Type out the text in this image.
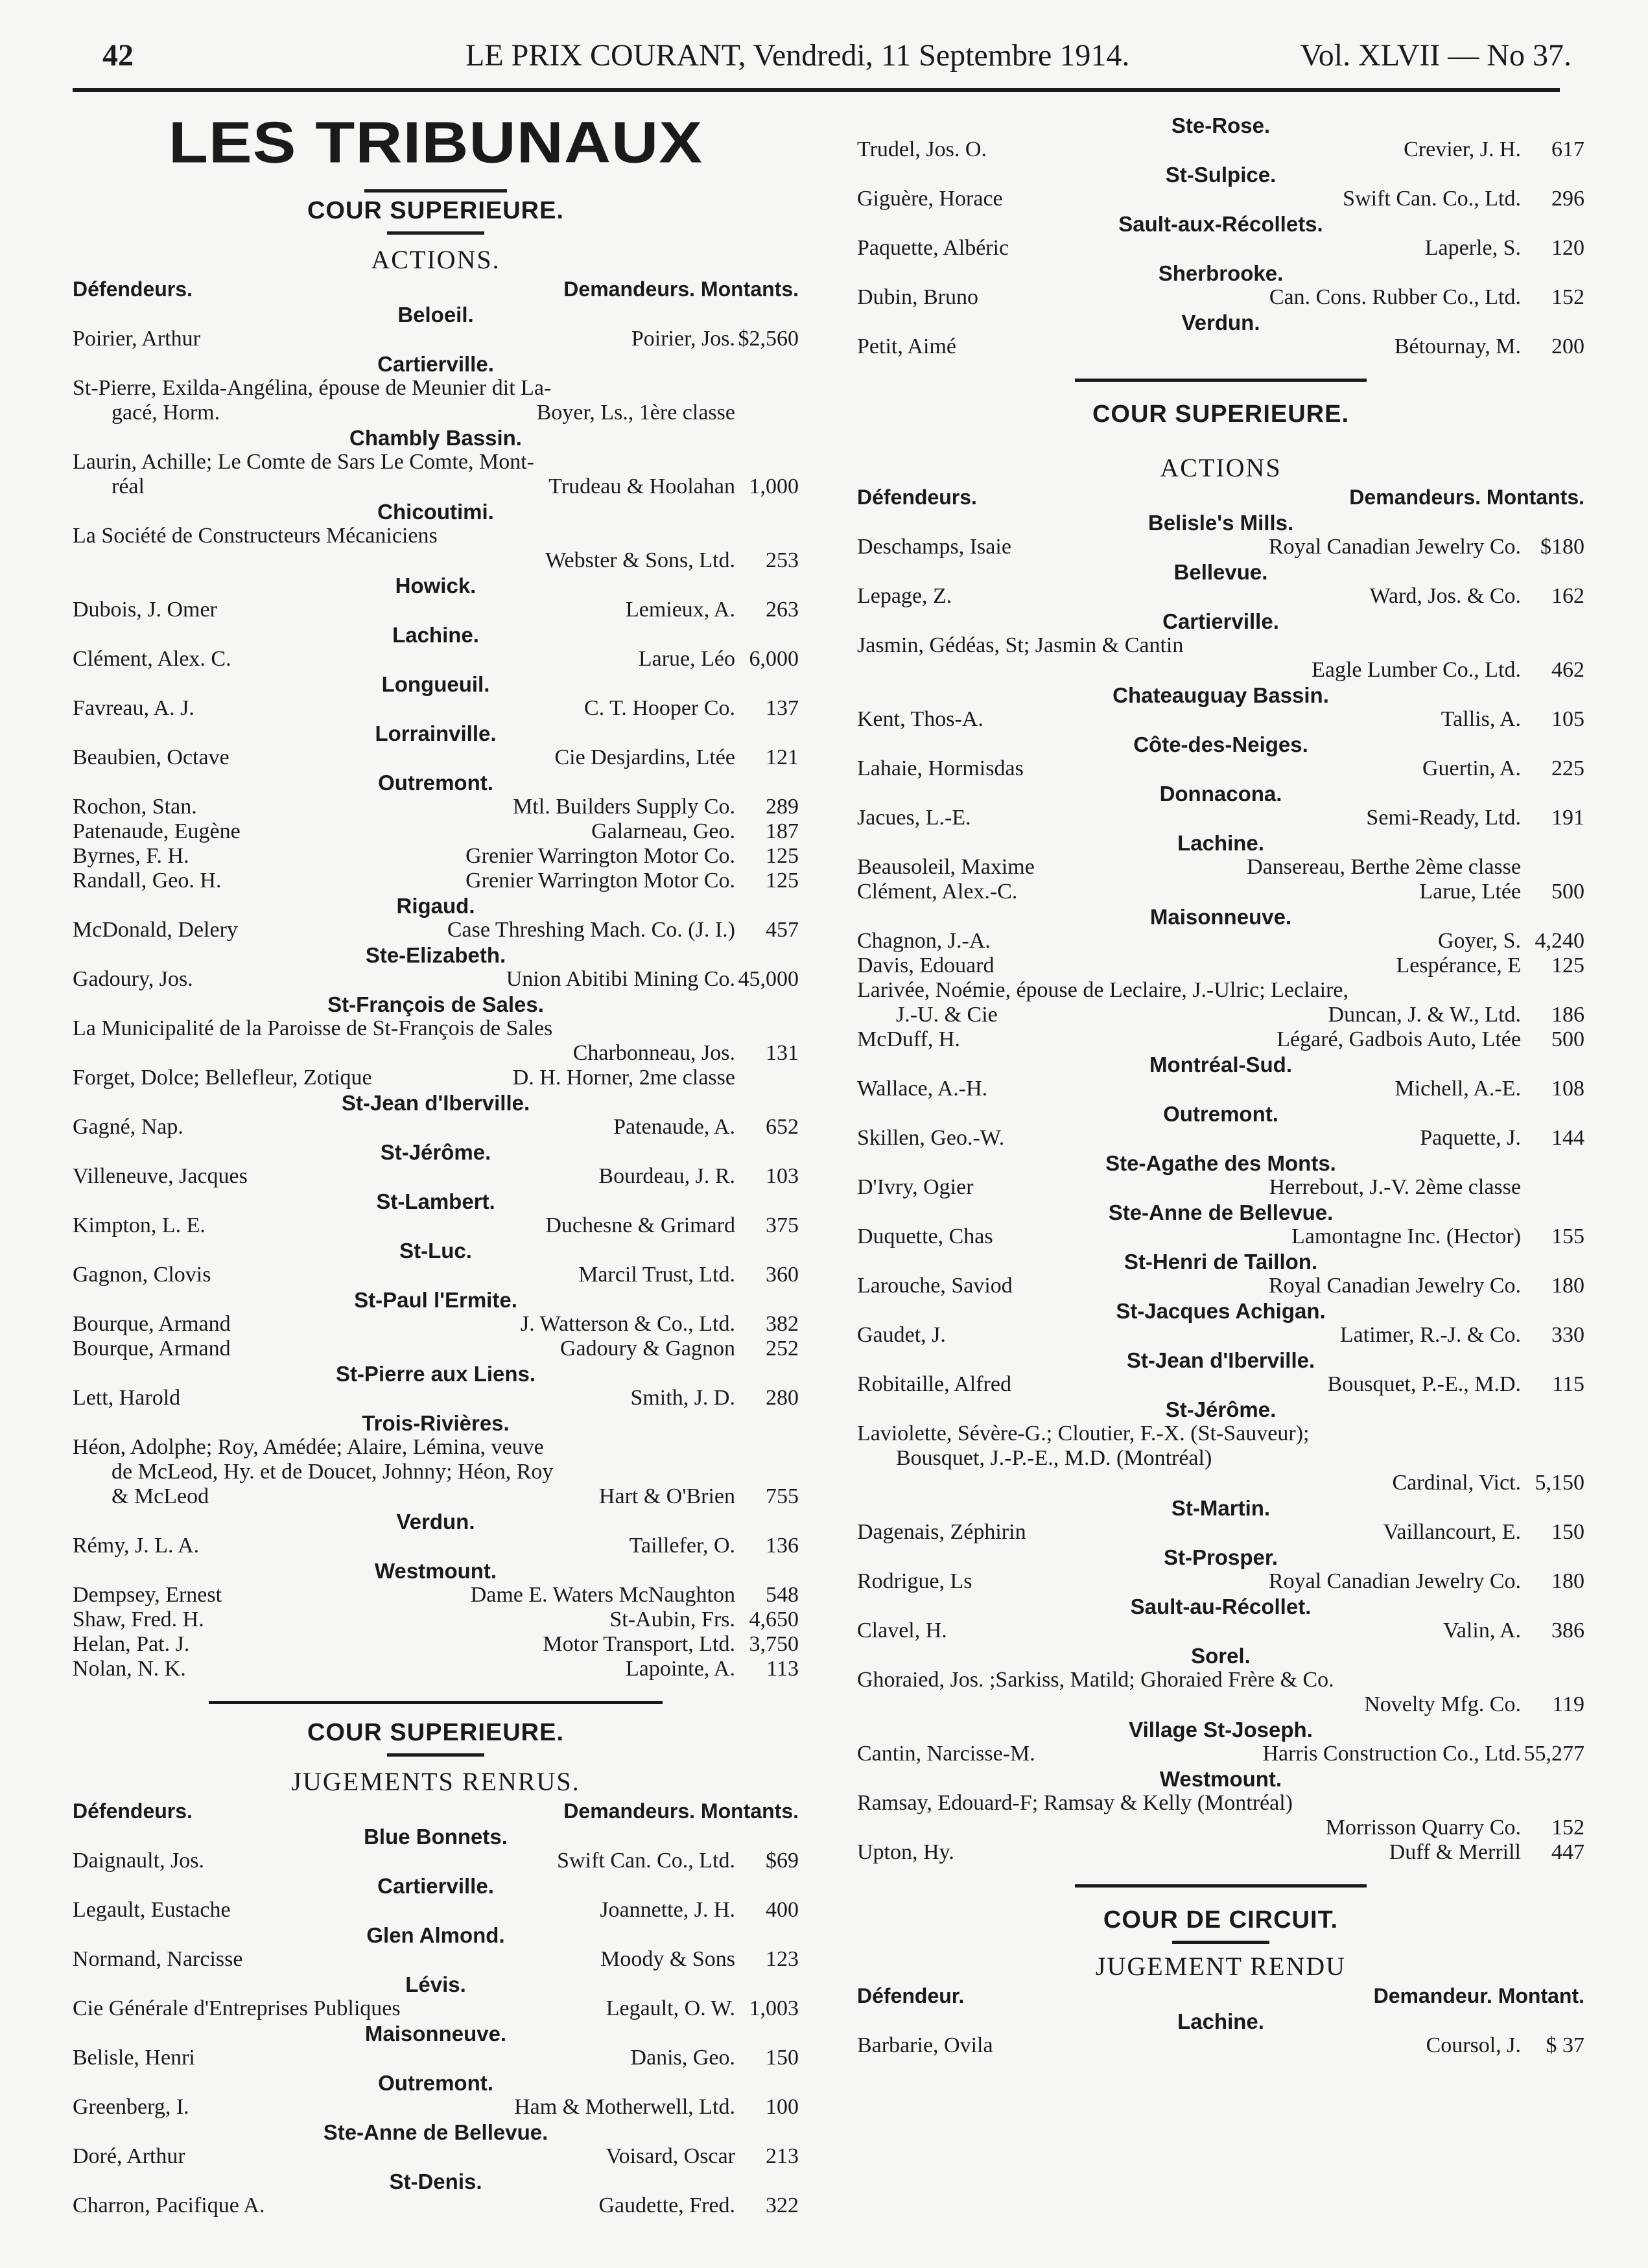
42	LE PRIX COURANT, Vendredi, 11 Septembre 1914.	Vol. XLVII — No 37.
LES TRIBUNAUX
COUR SUPERIEURE.
ACTIONS.
Défendeurs.	Demandeurs. Montants.
Beloeil.
Poirier, Arthur	Poirier, Jos. $2,560
Cartierville.
St-Pierre, Exilda-Angélina, épouse de Meunier dit La-
gacé, Horm.	Boyer, Ls., 1ère classe
Chambly Bassin.
Laurin, Achille; Le Comte de Sars Le Comte, Mont-
réal	Trudeau & Hoolahan 1,000
Chicoutimi.
La Société de Constructeurs Mécaniciens
Webster & Sons, Ltd.	253
Howick.
Dubois, J. Omer	Lemieux, A.	263
Lachine.
Clément, Alex. C.	Larue, Léo 6,000
Longueuil.
Favreau, A. J.	C. T. Hooper Co.	137
Lorrainville.
Beaubien, Octave	Cie Desjardins, Ltée	121
Outremont.
Rochon, Stan.	Mtl. Builders Supply Co.	289
Patenaude, Eugène	Galarneau, Geo.	187
Byrnes, F. H.	Grenier Warrington Motor Co.	125
Randall, Geo. H.	Grenier Warrington Motor Co.	125
Rigaud.
McDonald, Delery	Case Threshing Mach. Co. (J. I.)	457
Ste-Elizabeth.
Gadoury, Jos.	Union Abitibi Mining Co. 45,000
St-François de Sales.
La Municipalité de la Paroisse de St-François de Sales
Charbonneau, Jos.	131
Forget, Dolce; Bellefleur, Zotique	D. H. Horner, 2me classe
St-Jean d'Iberville.
Gagné, Nap.	Patenaude, A.	652
St-Jérôme.
Villeneuve, Jacques	Bourdeau, J. R.	103
St-Lambert.
Kimpton, L. E.	Duchesne & Grimard	375
St-Luc.
Gagnon, Clovis	Marcil Trust, Ltd.	360
St-Paul l'Ermite.
Bourque, Armand	J. Watterson & Co., Ltd.	382
Bourque, Armand	Gadoury & Gagnon	252
St-Pierre aux Liens.
Lett, Harold	Smith, J. D.	280
Trois-Rivières.
Héon, Adolphe; Roy, Amédée; Alaire, Lémina, veuve
de McLeod, Hy. et de Doucet, Johnny; Héon, Roy
& McLeod	Hart & O'Brien	755
Verdun.
Rémy, J. L. A.	Taillefer, O.	136
Westmount.
Dempsey, Ernest	Dame E. Waters McNaughton	548
Shaw, Fred. H.	St-Aubin, Frs. 4,650
Helan, Pat. J.	Motor Transport, Ltd. 3,750
Nolan, N. K.	Lapointe, A.	113
COUR SUPERIEURE.
JUGEMENTS RENRUS.
Défendeurs.	Demandeurs. Montants.
Blue Bonnets.
Daignault, Jos.	Swift Can. Co., Ltd.	$69
Cartierville.
Legault, Eustache	Joannette, J. H.	400
Glen Almond.
Normand, Narcisse	Moody & Sons	123
Lévis.
Cie Générale d'Entreprises Publiques	Legault, O. W. 1,003
Maisonneuve.
Belisle, Henri	Danis, Geo.	150
Outremont.
Greenberg, I.	Ham & Motherwell, Ltd.	100
Ste-Anne de Bellevue.
Doré, Arthur	Voisard, Oscar	213
St-Denis.
Charron, Pacifique A.	Gaudette, Fred.	322
Ste-Rose.
Trudel, Jos. O.	Crevier, J. H.	617
St-Sulpice.
Giguère, Horace	Swift Can. Co., Ltd.	296
Sault-aux-Récollets.
Paquette, Albéric	Laperle, S.	120
Sherbrooke.
Dubin, Bruno	Can. Cons. Rubber Co., Ltd.	152
Verdun.
Petit, Aimé	Bétournay, M.	200
COUR SUPERIEURE.
ACTIONS
Défendeurs.	Demandeurs. Montants.
Belisle's Mills.
Deschamps, Isaie	Royal Canadian Jewelry Co. $180
Bellevue.
Lepage, Z.	Ward, Jos. & Co.	162
Cartierville.
Jasmin, Gédéas, St; Jasmin & Cantin
Eagle Lumber Co., Ltd.	462
Chateauguay Bassin.
Kent, Thos-A.	Tallis, A.	105
Côte-des-Neiges.
Lahaie, Hormisdas	Guertin, A.	225
Donnacona.
Jacues, L.-E.	Semi-Ready, Ltd.	191
Lachine.
Beausoleil, Maxime	Dansereau, Berthe 2ème classe
Clément, Alex.-C.	Larue, Ltée	500
Maisonneuve.
Chagnon, J.-A.	Goyer, S. 4,240
Davis, Edouard	Lespérance, E	125
Larivée, Noémie, épouse de Leclaire, J.-Ulric; Leclaire,
J.-U. & Cie	Duncan, J. & W., Ltd.	186
McDuff, H.	Légaré, Gadbois Auto, Ltée	500
Montréal-Sud.
Wallace, A.-H.	Michell, A.-E.	108
Outremont.
Skillen, Geo.-W.	Paquette, J.	144
Ste-Agathe des Monts.
D'Ivry, Ogier	Herrebout, J.-V. 2ème classe
Ste-Anne de Bellevue.
Duquette, Chas	Lamontagne Inc. (Hector)	155
St-Henri de Taillon.
Larouche, Saviod	Royal Canadian Jewelry Co.	180
St-Jacques Achigan.
Gaudet, J.	Latimer, R.-J. & Co.	330
St-Jean d'Iberville.
Robitaille, Alfred	Bousquet, P.-E., M.D.	115
St-Jérôme.
Laviolette, Sévère-G.; Cloutier, F.-X. (St-Sauveur);
Bousquet, J.-P.-E., M.D. (Montréal)
Cardinal, Vict. 5,150
St-Martin.
Dagenais, Zéphirin	Vaillancourt, E.	150
St-Prosper.
Rodrigue, Ls	Royal Canadian Jewelry Co.	180
Sault-au-Récollet.
Clavel, H.	Valin, A.	386
Sorel.
Ghoraied, Jos. ;Sarkiss, Matild; Ghoraied Frère & Co.
Novelty Mfg. Co.	119
Village St-Joseph.
Cantin, Narcisse-M.	Harris Construction Co., Ltd. 55,277
Westmount.
Ramsay, Edouard-F; Ramsay & Kelly (Montréal)
Morrisson Quarry Co.	152
Upton, Hy.	Duff & Merrill	447
COUR DE CIRCUIT.
JUGEMENT RENDU
Défendeur.	Demandeur. Montant.
Lachine.
Barbarie, Ovila	Coursol, J.	$ 37
